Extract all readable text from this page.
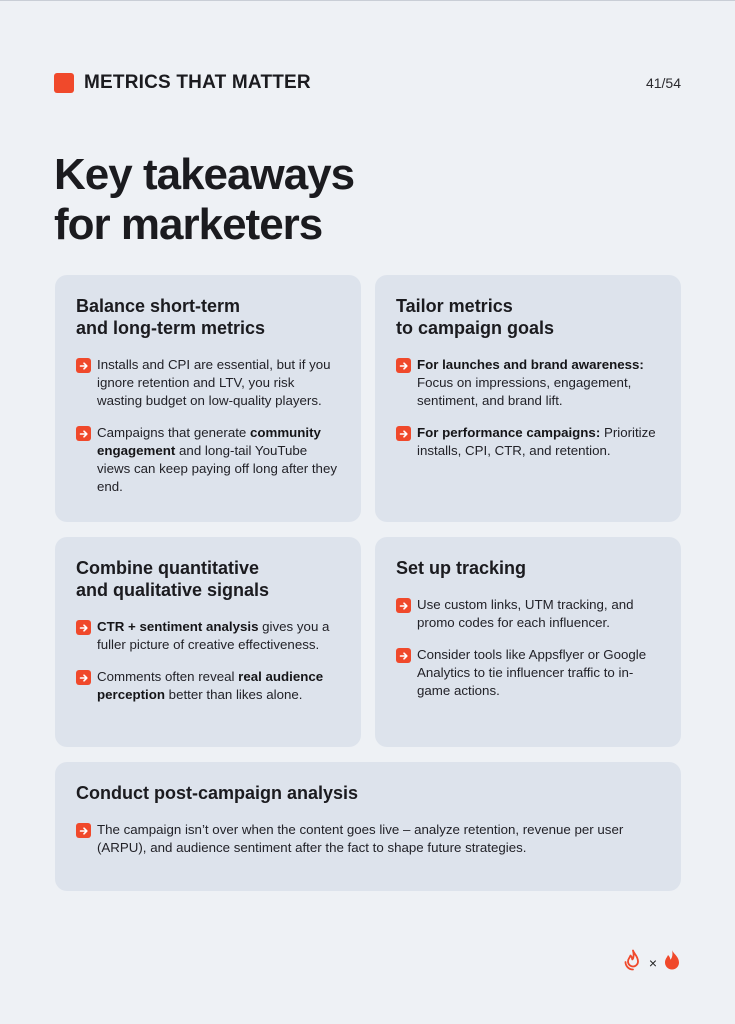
METRICS THAT MATTER	41/54
Key takeaways
for marketers
Balance short-term
and long-term metrics
Installs and CPI are essential, but if you ignore retention and LTV, you risk wasting budget on low-quality players.
Campaigns that generate community engagement and long-tail YouTube views can keep paying off long after they end.
Tailor metrics
to campaign goals
For launches and brand awareness: Focus on impressions, engagement, sentiment, and brand lift.
For performance campaigns: Prioritize installs, CPI, CTR, and retention.
Combine quantitative
and qualitative signals
CTR + sentiment analysis gives you a fuller picture of creative effectiveness.
Comments often reveal real audience perception better than likes alone.
Set up tracking
Use custom links, UTM tracking, and promo codes for each influencer.
Consider tools like Appsflyer or Google Analytics to tie influencer traffic to in-game actions.
Conduct post-campaign analysis
The campaign isn’t over when the content goes live – analyze retention, revenue per user (ARPU), and audience sentiment after the fact to shape future strategies.
×
